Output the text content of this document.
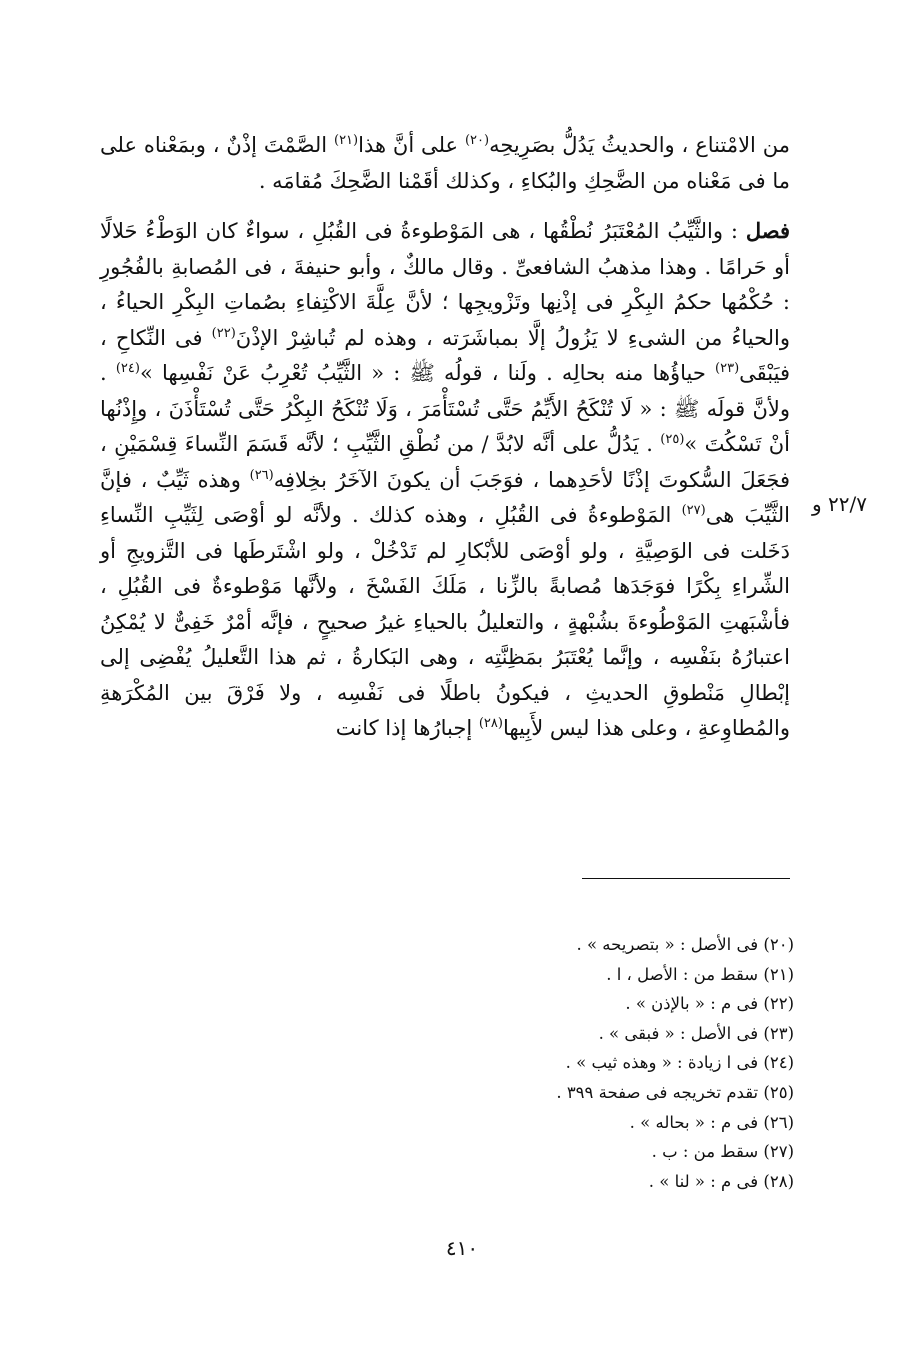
من الامْتناع ، والحديثُ يَدُلُّ بصَرِيحِه$^{(٢٠)}$ على أنَّ هذا$^{(٢١)}$ الصَّمْتَ إذْنٌ ، وبمَعْناه على ما فى مَعْناه من الضَّحِكِ والبُكاءِ ، وكذلك أقَمْنا الضَّحِكَ مُقامَه .

فصل : والثَّيِّبُ المُعْتَبَرُ نُطْقُها ، هى المَوْطوءةُ فى القُبُلِ ، سواءٌ كان الوَطْءُ حَلالًا أو حَرامًا . وهذا مذهبُ الشافعىِّ . وقال مالكٌ ، وأبو حنيفةَ ، فى المُصابةِ بالفُجُورِ : حُكْمُها حكمُ البِكْرِ فى إذْنِها وتَزْويجِها ؛ لأنَّ عِلَّةَ الاكْتِفاءِ بصُماتِ البِكْرِ الحياءُ ، والحياءُ من الشىءِ لا يَزُولُ إلَّا بمباشَرَته ، وهذه لم تُباشِرْ الإذْنَ$^{(٢٢)}$ فى النِّكاحِ ، فيَبْقَى$^{(٢٣)}$ حياؤُها منه بحالِه . ولَنا ، قولُه ﷺ : « الثَّيِّبُ تُعْرِبُ عَنْ نَفْسِها »$^{(٢٤)}$ . ولأنَّ قولَه ﷺ : « لَا تُنْكَحُ الأَيِّمُ حَتَّى تُسْتَأْمَرَ ، وَلَا تُنْكَحُ البِكْرُ حَتَّى تُسْتَأْذَنَ ، وإِذْنُها أنْ تَسْكُتَ »$^{(٢٥)}$ . يَدُلُّ على أنَّه لابُدَّ / من نُطْقِ الثَّيِّبِ ؛ لأنَّه قَسَمَ النِّساءَ قِسْمَيْنِ ، فجَعَلَ السُّكوتَ إذْنًا لأحَدِهما ، فوَجَبَ أن يكونَ الآخَرُ بخِلافِه$^{(٢٦)}$ وهذه ثَيِّبٌ ، فإنَّ الثَّيِّبَ هى$^{(٢٧)}$ المَوْطوءةُ فى القُبُلِ ، وهذه كذلك . ولأنَّه لو أوْصَى لِثَيِّبِ النِّساءِ دَخَلت فى الوَصِيَّةِ ، ولو أوْصَى للأبْكارِ لم تَدْخُلْ ، ولو اشْتَرطَها فى التَّزويجِ أو الشِّراءِ بِكْرًا فوَجَدَها مُصابةً بالزِّنا ، مَلَكَ الفَسْخَ ، ولأنَّها مَوْطوءةٌ فى القُبُلِ ، فأشْبَهتِ المَوْطُوءةَ بشُبْهةٍ ، والتعليلُ بالحياءِ غيرُ صحيحٍ ، فإنَّه أمْرٌ خَفِىٌّ لا يُمْكِنُ اعتبارُهُ بنَفْسِه ، وإنَّما يُعْتَبَرُ بمَظِنَّتِه ، وهى البَكارةُ ، ثم هذا التَّعليلُ يُفْضِى إلى إبْطالِ مَنْطوقِ الحديثِ ، فيكونُ باطلًا فى نَفْسِه ، ولا فَرْقَ بين المُكْرَهةِ والمُطاوِعةِ ، وعلى هذا ليس لأَبِيها$^{(٢٨)}$ إجبارُها إذا كانت

٢٢/٧ و
(٢٠) فى الأصل : « بتصريحه » .
(٢١) سقط من : الأصل ، ا .
(٢٢) فى م : « بالإذن » .
(٢٣) فى الأصل : « فبقى » .
(٢٤) فى ا زيادة : « وهذه ثيب » .
(٢٥) تقدم تخريجه فى صفحة ٣٩٩ .
(٢٦) فى م : « بحاله » .
(٢٧) سقط من : ب .
(٢٨) فى م : « لنا » .
٤١٠
